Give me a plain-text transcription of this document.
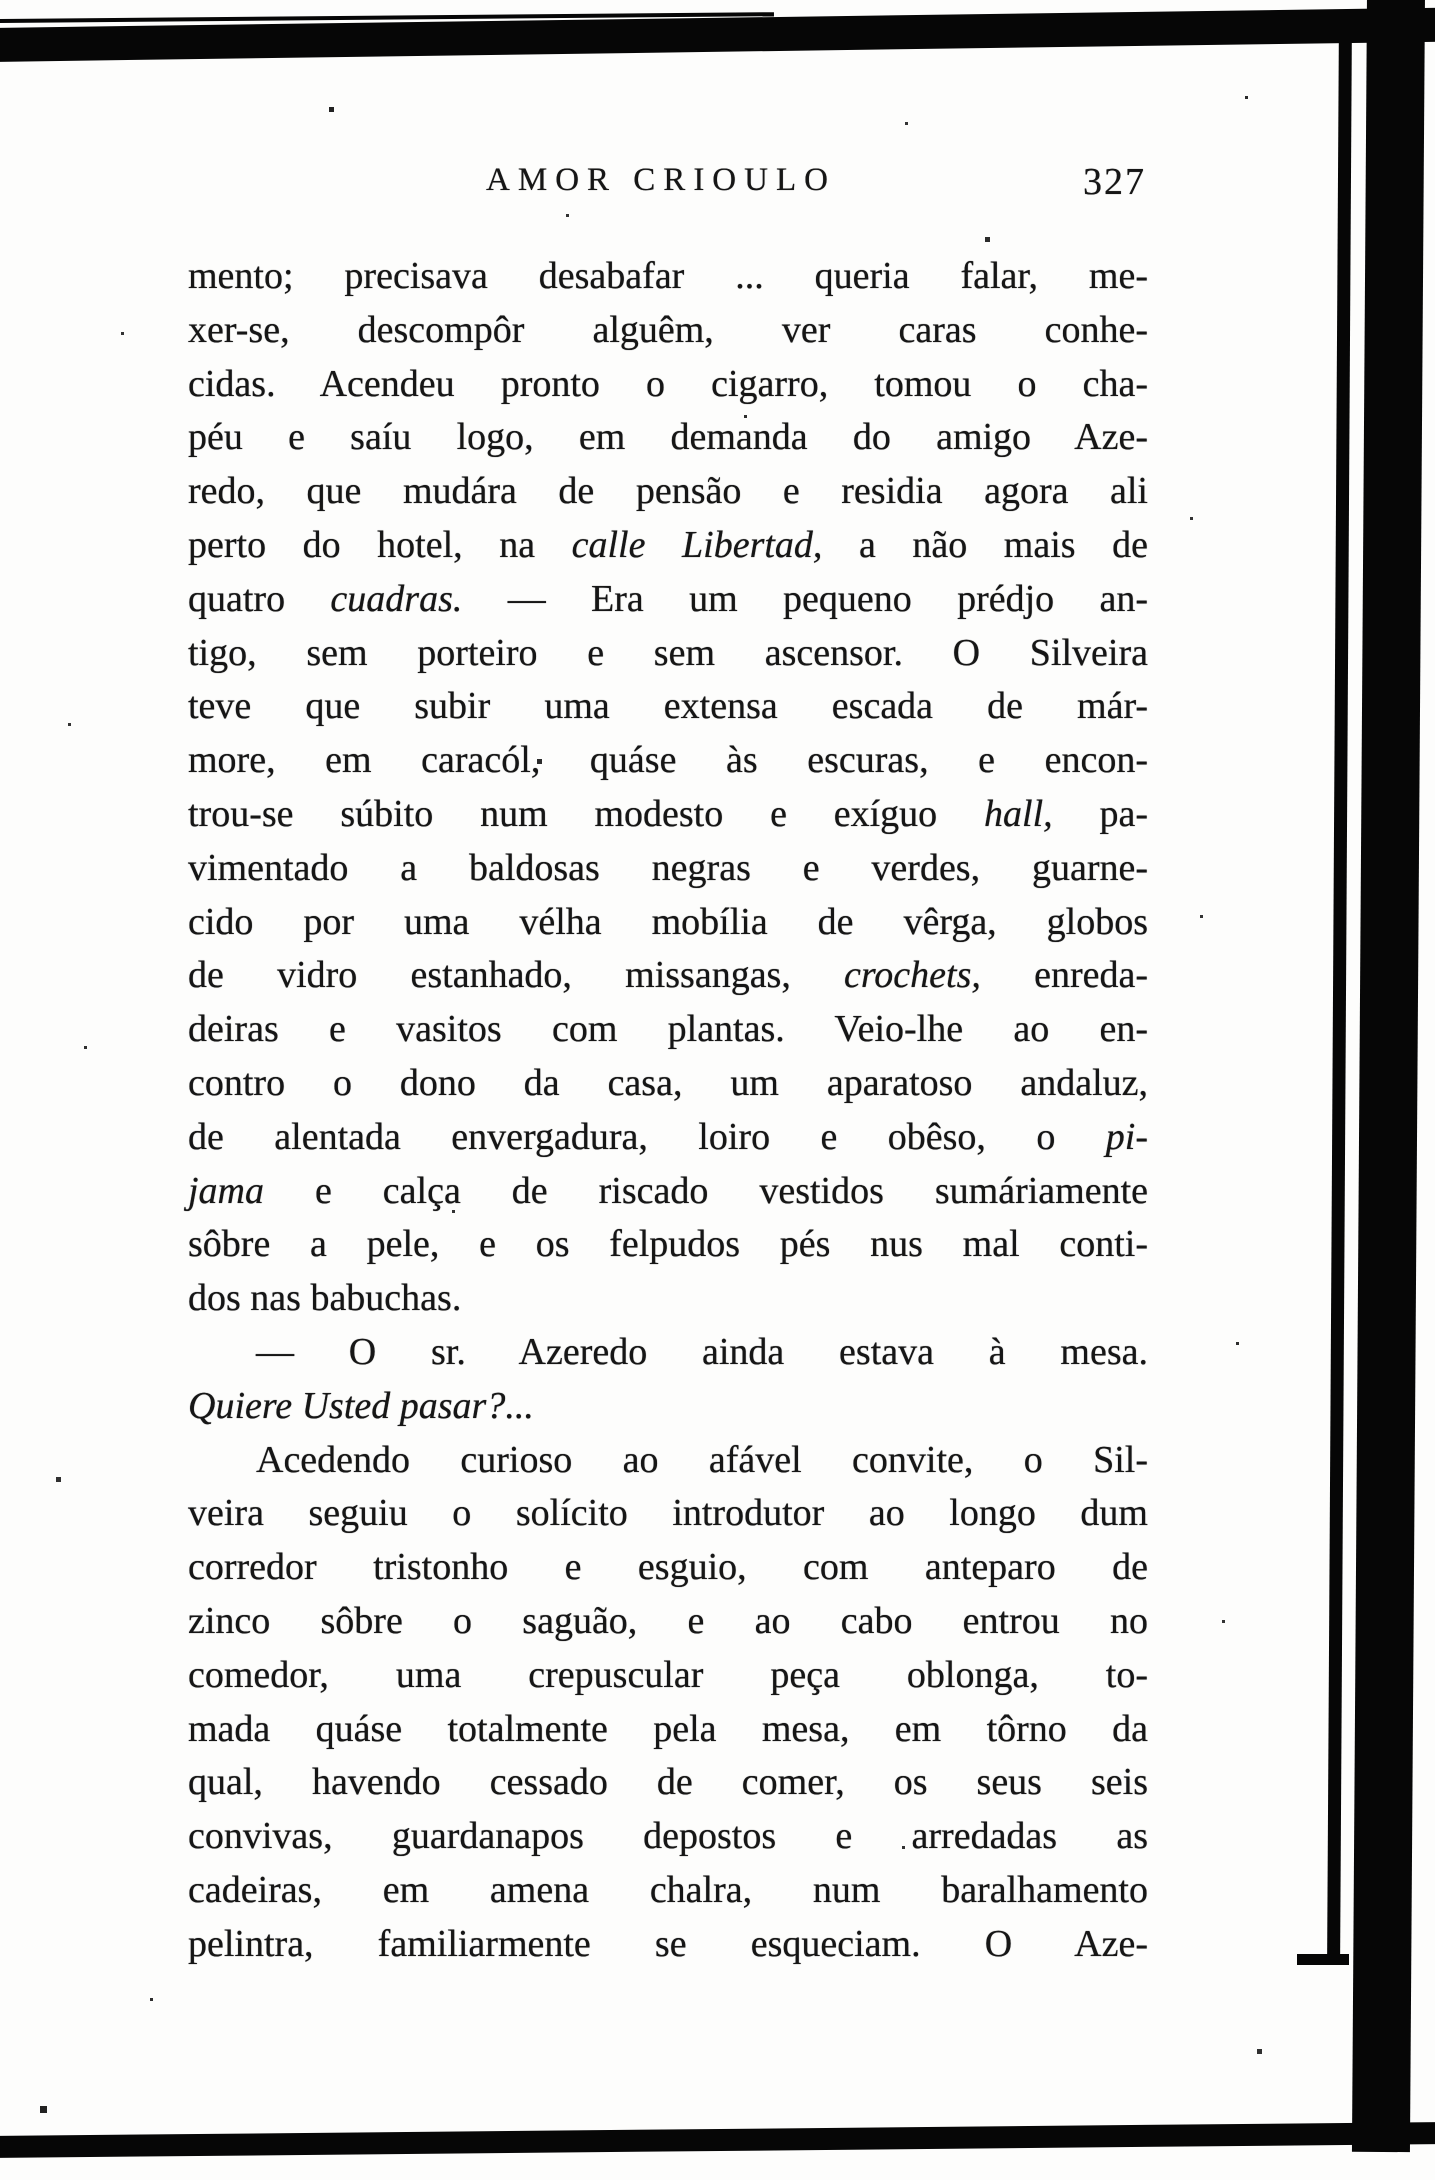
AMOR CRIOULO	327
mento; precisava desabafar ... queria falar, me-
xer-se, descompôr alguêm, ver caras conhe-
cidas. Acendeu pronto o cigarro, tomou o cha-
péu e saíu logo, em demanda do amigo Aze-
redo, que mudára de pensão e residia agora ali
perto do hotel, na calle Libertad, a não mais de
quatro cuadras. — Era um pequeno prédjo an-
tigo, sem porteiro e sem ascensor. O Silveira
teve que subir uma extensa escada de már-
more, em caracól, quáse às escuras, e encon-
trou-se súbito num modesto e exíguo hall, pa-
vimentado a baldosas negras e verdes, guarne-
cido por uma vélha mobília de vêrga, globos
de vidro estanhado, missangas, crochets, enreda-
deiras e vasitos com plantas. Veio-lhe ao en-
contro o dono da casa, um aparatoso andaluz,
de alentada envergadura, loiro e obêso, o pi-
jama e calça de riscado vestidos sumáriamente
sôbre a pele, e os felpudos pés nus mal conti-
dos nas babuchas.
— O sr. Azeredo ainda estava à mesa.
Quiere Usted pasar?...
Acedendo curioso ao afável convite, o Sil-
veira seguiu o solícito introdutor ao longo dum
corredor tristonho e esguio, com anteparo de
zinco sôbre o saguão, e ao cabo entrou no
comedor, uma crepuscular peça oblonga, to-
mada quáse totalmente pela mesa, em tôrno da
qual, havendo cessado de comer, os seus seis
convivas, guardanapos depostos e arredadas as
cadeiras, em amena chalra, num baralhamento
pelintra, familiarmente se esqueciam. O Aze-
